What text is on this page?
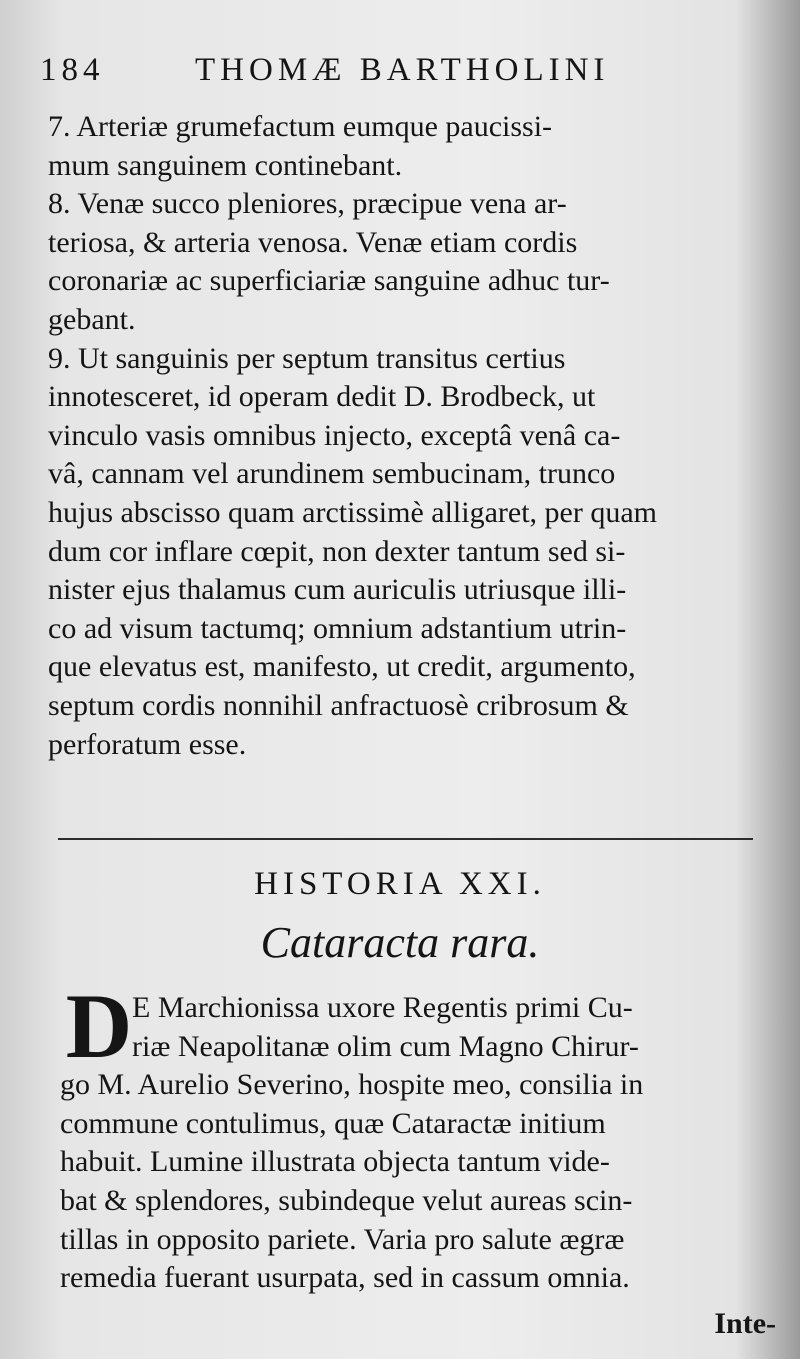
184	THOMÆ BARTHOLINI
7. Arteriæ grumefactum eumque paucissi-
mum sanguinem continebant.
8. Venæ succo pleniores, præcipue vena ar-
teriosa, & arteria venosa. Venæ etiam cordis
coronariæ ac superficiariæ sanguine adhuc tur-
gebant.
9. Ut sanguinis per septum transitus certius
innotesceret, id operam dedit D. Brodbeck, ut
vinculo vasis omnibus injecto, exceptâ venâ ca-
vâ, cannam vel arundinem sembucinam, trunco
hujus abscisso quam arctissimè alligaret, per quam
dum cor inflare cœpit, non dexter tantum sed si-
nister ejus thalamus cum auriculis utriusque illi-
co ad visum tactumq; omnium adstantium utrin-
que elevatus est, manifesto, ut credit, argumento,
septum cordis nonnihil anfractuosè cribrosum &
perforatum esse.
HISTORIA XXI.
Cataracta rara.
D E Marchionissa uxore Regentis primi Cu-
riæ Neapolitanæ olim cum Magno Chirur-
go M. Aurelio Severino, hospite meo, consilia in
commune contulimus, quæ Cataractæ initium
habuit. Lumine illustrata objecta tantum vide-
bat & splendores, subindeque velut aureas scin-
tillas in opposito pariete. Varia pro salute ægræ
remedia fuerant usurpata, sed in cassum omnia.
Inte-
